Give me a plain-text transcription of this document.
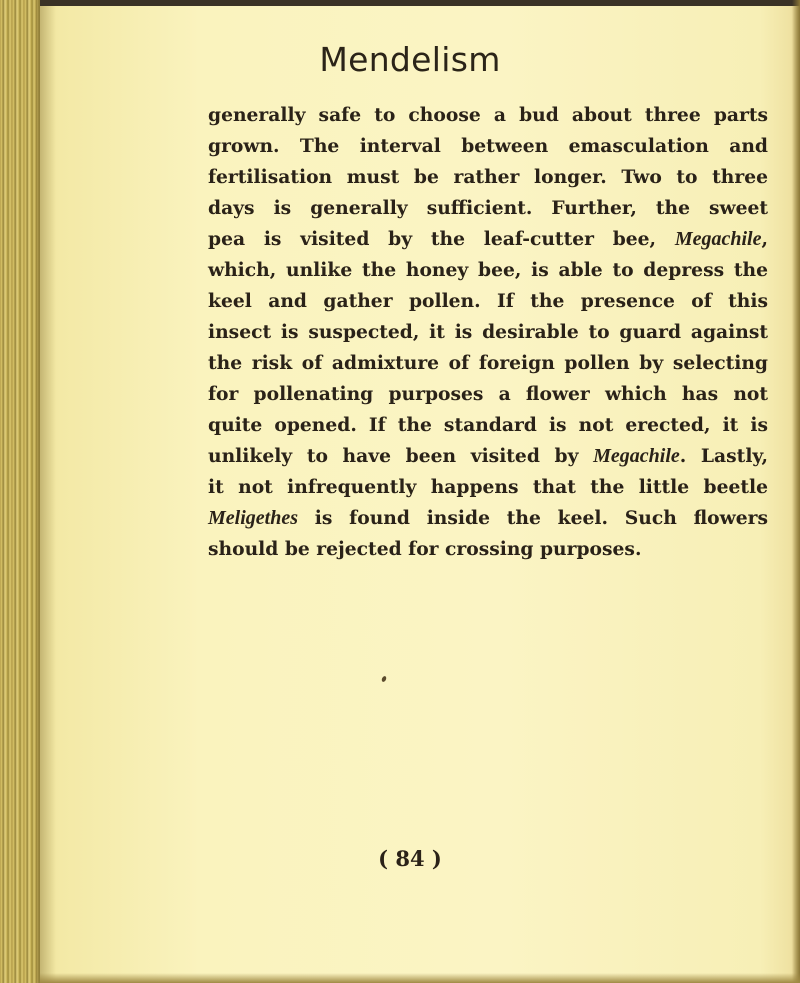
Mendelism
generally safe to choose a bud about three parts
grown. The interval between emasculation and
fertilisation must be rather longer. Two to three
days is generally sufficient. Further, the sweet
pea is visited by the leaf-cutter bee, Megachile,
which, unlike the honey bee, is able to depress the
keel and gather pollen. If the presence of this
insect is suspected, it is desirable to guard against
the risk of admixture of foreign pollen by selecting
for pollenating purposes a flower which has not
quite opened. If the standard is not erected, it is
unlikely to have been visited by Megachile. Lastly,
it not infrequently happens that the little beetle
Meligethes is found inside the keel. Such flowers
should be rejected for crossing purposes.
( 84 )
